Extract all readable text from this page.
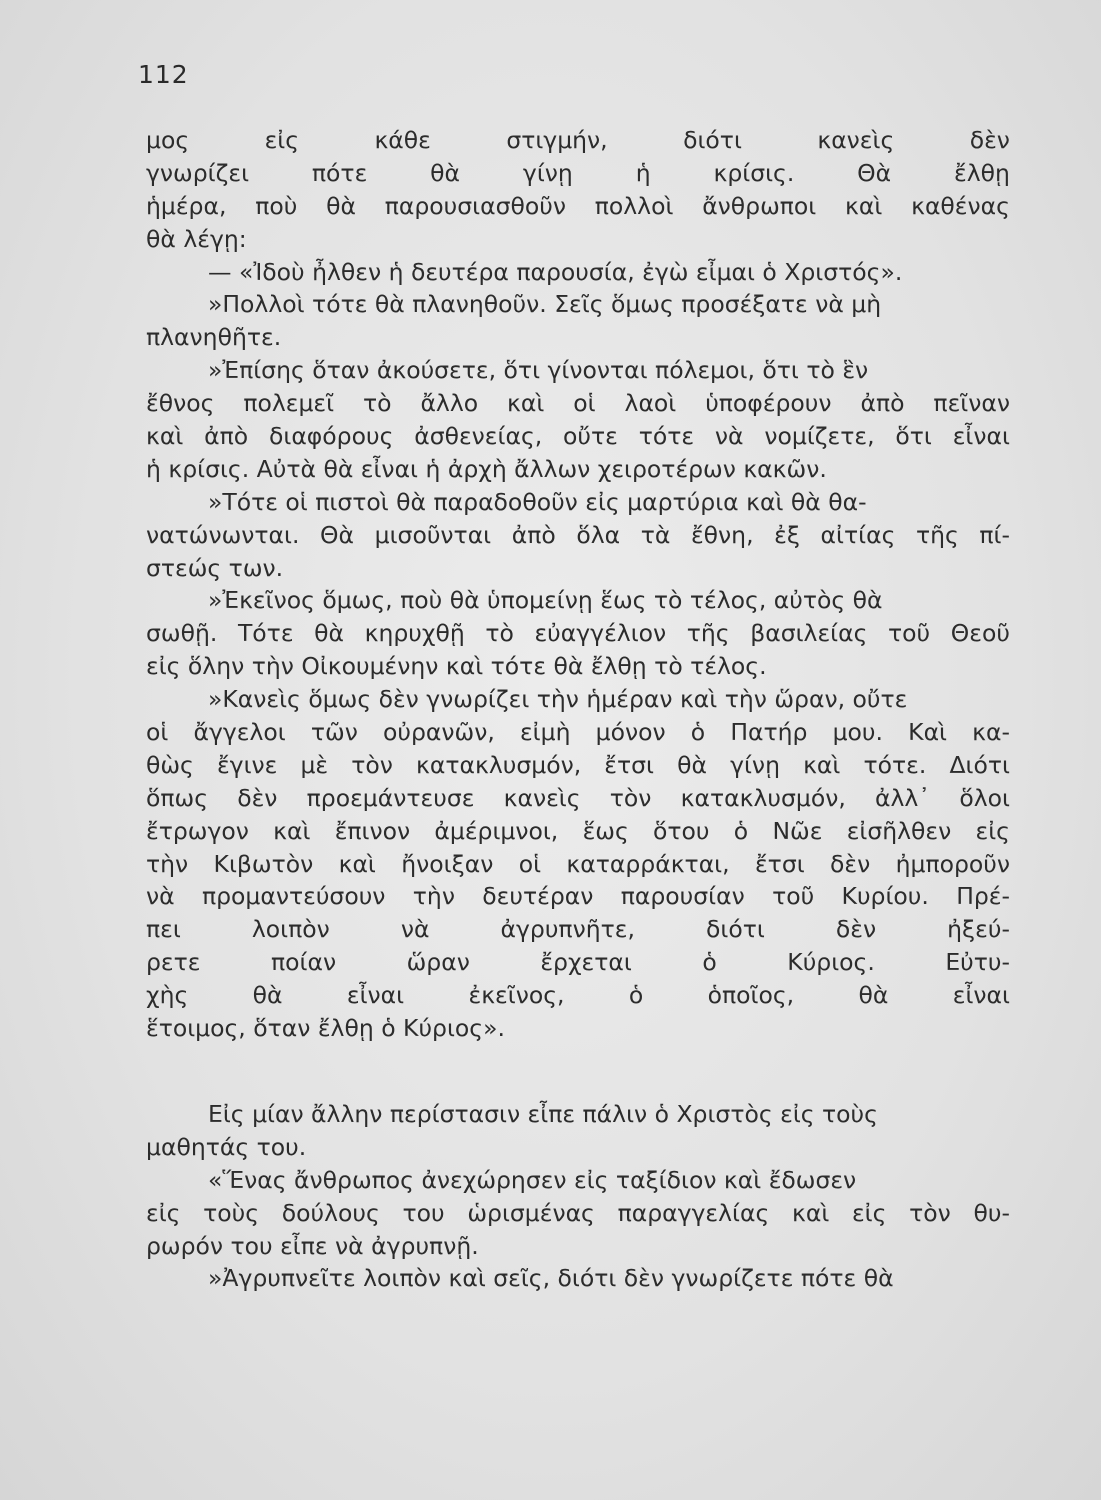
112
μος	εἰς	κάθε	στιγμήν,	διότι	κανεὶς	δὲν
γνωρίζει	πότε	θὰ	γίνῃ	ἡ	κρίσις.	Θὰ	ἔλθῃ
ἡμέρα, ποὺ θὰ παρουσιασθοῦν πολλοὶ ἄνθρωποι καὶ καθένας
θὰ λέγῃ:
— «Ἰδοὺ ἦλθεν ἡ δευτέρα παρουσία, ἐγὼ εἶμαι ὁ Χριστός».
»Πολλοὶ τότε θὰ πλανηθοῦν. Σεῖς ὅμως προσέξατε νὰ μὴ
πλανηθῆτε.
»Ἐπίσης ὅταν ἀκούσετε, ὅτι γίνονται πόλεμοι, ὅτι τὸ ἓν
ἔθνος πολεμεῖ τὸ ἄλλο καὶ οἱ λαοὶ ὑποφέρουν ἀπὸ πεῖναν
καὶ ἀπὸ διαφόρους ἀσθενείας, οὔτε τότε νὰ νομίζετε, ὅτι εἶναι
ἡ κρίσις. Αὐτὰ θὰ εἶναι ἡ ἀρχὴ ἄλλων χειροτέρων κακῶν.
»Τότε οἱ πιστοὶ θὰ παραδοθοῦν εἰς μαρτύρια καὶ θὰ θα-
νατώνωνται. Θὰ μισοῦνται ἀπὸ ὅλα τὰ ἔθνη, ἐξ αἰτίας τῆς πί-
στεώς των.
»Ἐκεῖνος ὅμως, ποὺ θὰ ὑπομείνῃ ἕως τὸ τέλος, αὐτὸς θὰ
σωθῇ. Τότε θὰ κηρυχθῇ τὸ εὐαγγέλιον τῆς βασιλείας τοῦ Θεοῦ
εἰς ὅλην τὴν Οἰκουμένην καὶ τότε θὰ ἔλθῃ τὸ τέλος.
»Κανεὶς ὅμως δὲν γνωρίζει τὴν ἡμέραν καὶ τὴν ὥραν, οὔτε
οἱ ἄγγελοι τῶν οὐρανῶν, εἰμὴ μόνον ὁ Πατήρ μου. Καὶ κα-
θὼς ἔγινε μὲ τὸν κατακλυσμόν, ἔτσι θὰ γίνῃ καὶ τότε. Διότι
ὅπως δὲν προεμάντευσε κανεὶς τὸν κατακλυσμόν, ἀλλ᾽ ὅλοι
ἔτρωγον καὶ ἔπινον ἀμέριμνοι, ἕως ὅτου ὁ Νῶε εἰσῆλθεν εἰς
τὴν Κιβωτὸν καὶ ἤνοιξαν οἱ καταρράκται, ἔτσι δὲν ἠμποροῦν
νὰ προμαντεύσουν τὴν δευτέραν παρουσίαν τοῦ Κυρίου. Πρέ-
πει	λοιπὸν	νὰ	ἀγρυπνῆτε,	διότι	δὲν	ἠξεύ-
ρετε	ποίαν	ὥραν	ἔρχεται	ὁ	Κύριος.	Εὐτυ-
χὴς	θὰ	εἶναι	ἐκεῖνος,	ὁ	ὁποῖος,	θὰ	εἶναι
ἕτοιμος, ὅταν ἔλθῃ ὁ Κύριος».
Εἰς μίαν ἄλλην περίστασιν εἶπε πάλιν ὁ Χριστὸς εἰς τοὺς
μαθητάς του.
«Ἕνας ἄνθρωπος ἀνεχώρησεν εἰς ταξίδιον καὶ ἔδωσεν
εἰς τοὺς δούλους του ὡρισμένας παραγγελίας καὶ εἰς τὸν θυ-
ρωρόν του εἶπε νὰ ἀγρυπνῇ.
»Ἀγρυπνεῖτε λοιπὸν καὶ σεῖς, διότι δὲν γνωρίζετε πότε θὰ
